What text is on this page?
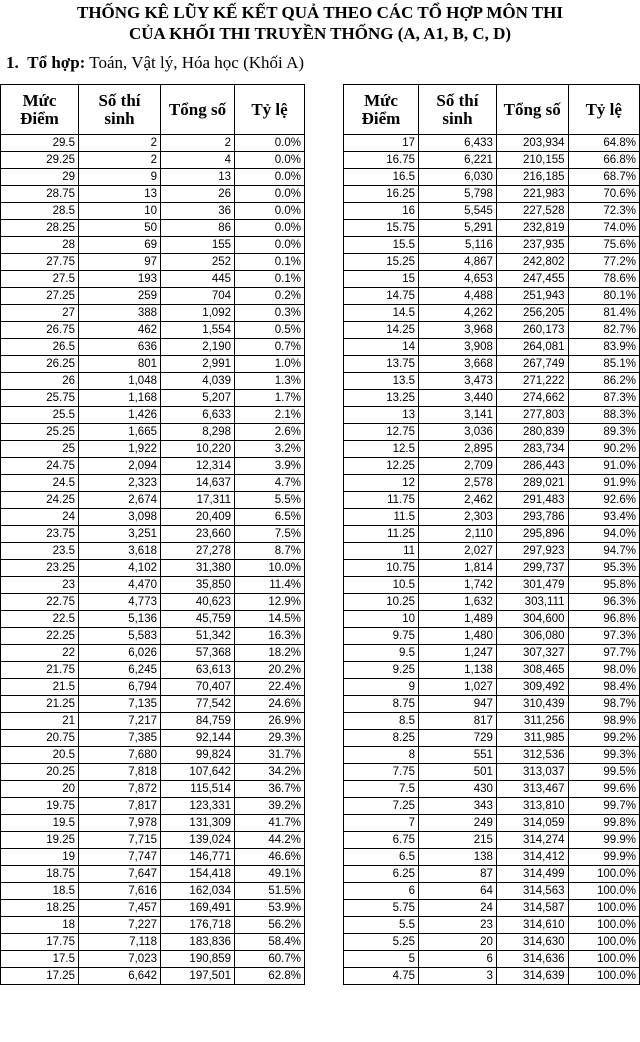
THỐNG KÊ LŨY KẾ KẾT QUẢ THEO CÁC TỔ HỢP MÔN THI
CỦA KHỐI THI TRUYỀN THỐNG (A, A1, B, C, D)
1. Tổ hợp: Toán, Vật lý, Hóa học (Khối A)
Mức Điểm	Số thí sinh	Tổng số	Tỷ lệ
29.5	2	2	0.0%
29.25	2	4	0.0%
29	9	13	0.0%
28.75	13	26	0.0%
28.5	10	36	0.0%
28.25	50	86	0.0%
28	69	155	0.0%
27.75	97	252	0.1%
27.5	193	445	0.1%
27.25	259	704	0.2%
27	388	1,092	0.3%
26.75	462	1,554	0.5%
26.5	636	2,190	0.7%
26.25	801	2,991	1.0%
26	1,048	4,039	1.3%
25.75	1,168	5,207	1.7%
25.5	1,426	6,633	2.1%
25.25	1,665	8,298	2.6%
25	1,922	10,220	3.2%
24.75	2,094	12,314	3.9%
24.5	2,323	14,637	4.7%
24.25	2,674	17,311	5.5%
24	3,098	20,409	6.5%
23.75	3,251	23,660	7.5%
23.5	3,618	27,278	8.7%
23.25	4,102	31,380	10.0%
23	4,470	35,850	11.4%
22.75	4,773	40,623	12.9%
22.5	5,136	45,759	14.5%
22.25	5,583	51,342	16.3%
22	6,026	57,368	18.2%
21.75	6,245	63,613	20.2%
21.5	6,794	70,407	22.4%
21.25	7,135	77,542	24.6%
21	7,217	84,759	26.9%
20.75	7,385	92,144	29.3%
20.5	7,680	99,824	31.7%
20.25	7,818	107,642	34.2%
20	7,872	115,514	36.7%
19.75	7,817	123,331	39.2%
19.5	7,978	131,309	41.7%
19.25	7,715	139,024	44.2%
19	7,747	146,771	46.6%
18.75	7,647	154,418	49.1%
18.5	7,616	162,034	51.5%
18.25	7,457	169,491	53.9%
18	7,227	176,718	56.2%
17.75	7,118	183,836	58.4%
17.5	7,023	190,859	60.7%
17.25	6,642	197,501	62.8%
Mức Điểm	Số thí sinh	Tổng số	Tỷ lệ
17	6,433	203,934	64.8%
16.75	6,221	210,155	66.8%
16.5	6,030	216,185	68.7%
16.25	5,798	221,983	70.6%
16	5,545	227,528	72.3%
15.75	5,291	232,819	74.0%
15.5	5,116	237,935	75.6%
15.25	4,867	242,802	77.2%
15	4,653	247,455	78.6%
14.75	4,488	251,943	80.1%
14.5	4,262	256,205	81.4%
14.25	3,968	260,173	82.7%
14	3,908	264,081	83.9%
13.75	3,668	267,749	85.1%
13.5	3,473	271,222	86.2%
13.25	3,440	274,662	87.3%
13	3,141	277,803	88.3%
12.75	3,036	280,839	89.3%
12.5	2,895	283,734	90.2%
12.25	2,709	286,443	91.0%
12	2,578	289,021	91.9%
11.75	2,462	291,483	92.6%
11.5	2,303	293,786	93.4%
11.25	2,110	295,896	94.0%
11	2,027	297,923	94.7%
10.75	1,814	299,737	95.3%
10.5	1,742	301,479	95.8%
10.25	1,632	303,111	96.3%
10	1,489	304,600	96.8%
9.75	1,480	306,080	97.3%
9.5	1,247	307,327	97.7%
9.25	1,138	308,465	98.0%
9	1,027	309,492	98.4%
8.75	947	310,439	98.7%
8.5	817	311,256	98.9%
8.25	729	311,985	99.2%
8	551	312,536	99.3%
7.75	501	313,037	99.5%
7.5	430	313,467	99.6%
7.25	343	313,810	99.7%
7	249	314,059	99.8%
6.75	215	314,274	99.9%
6.5	138	314,412	99.9%
6.25	87	314,499	100.0%
6	64	314,563	100.0%
5.75	24	314,587	100.0%
5.5	23	314,610	100.0%
5.25	20	314,630	100.0%
5	6	314,636	100.0%
4.75	3	314,639	100.0%
